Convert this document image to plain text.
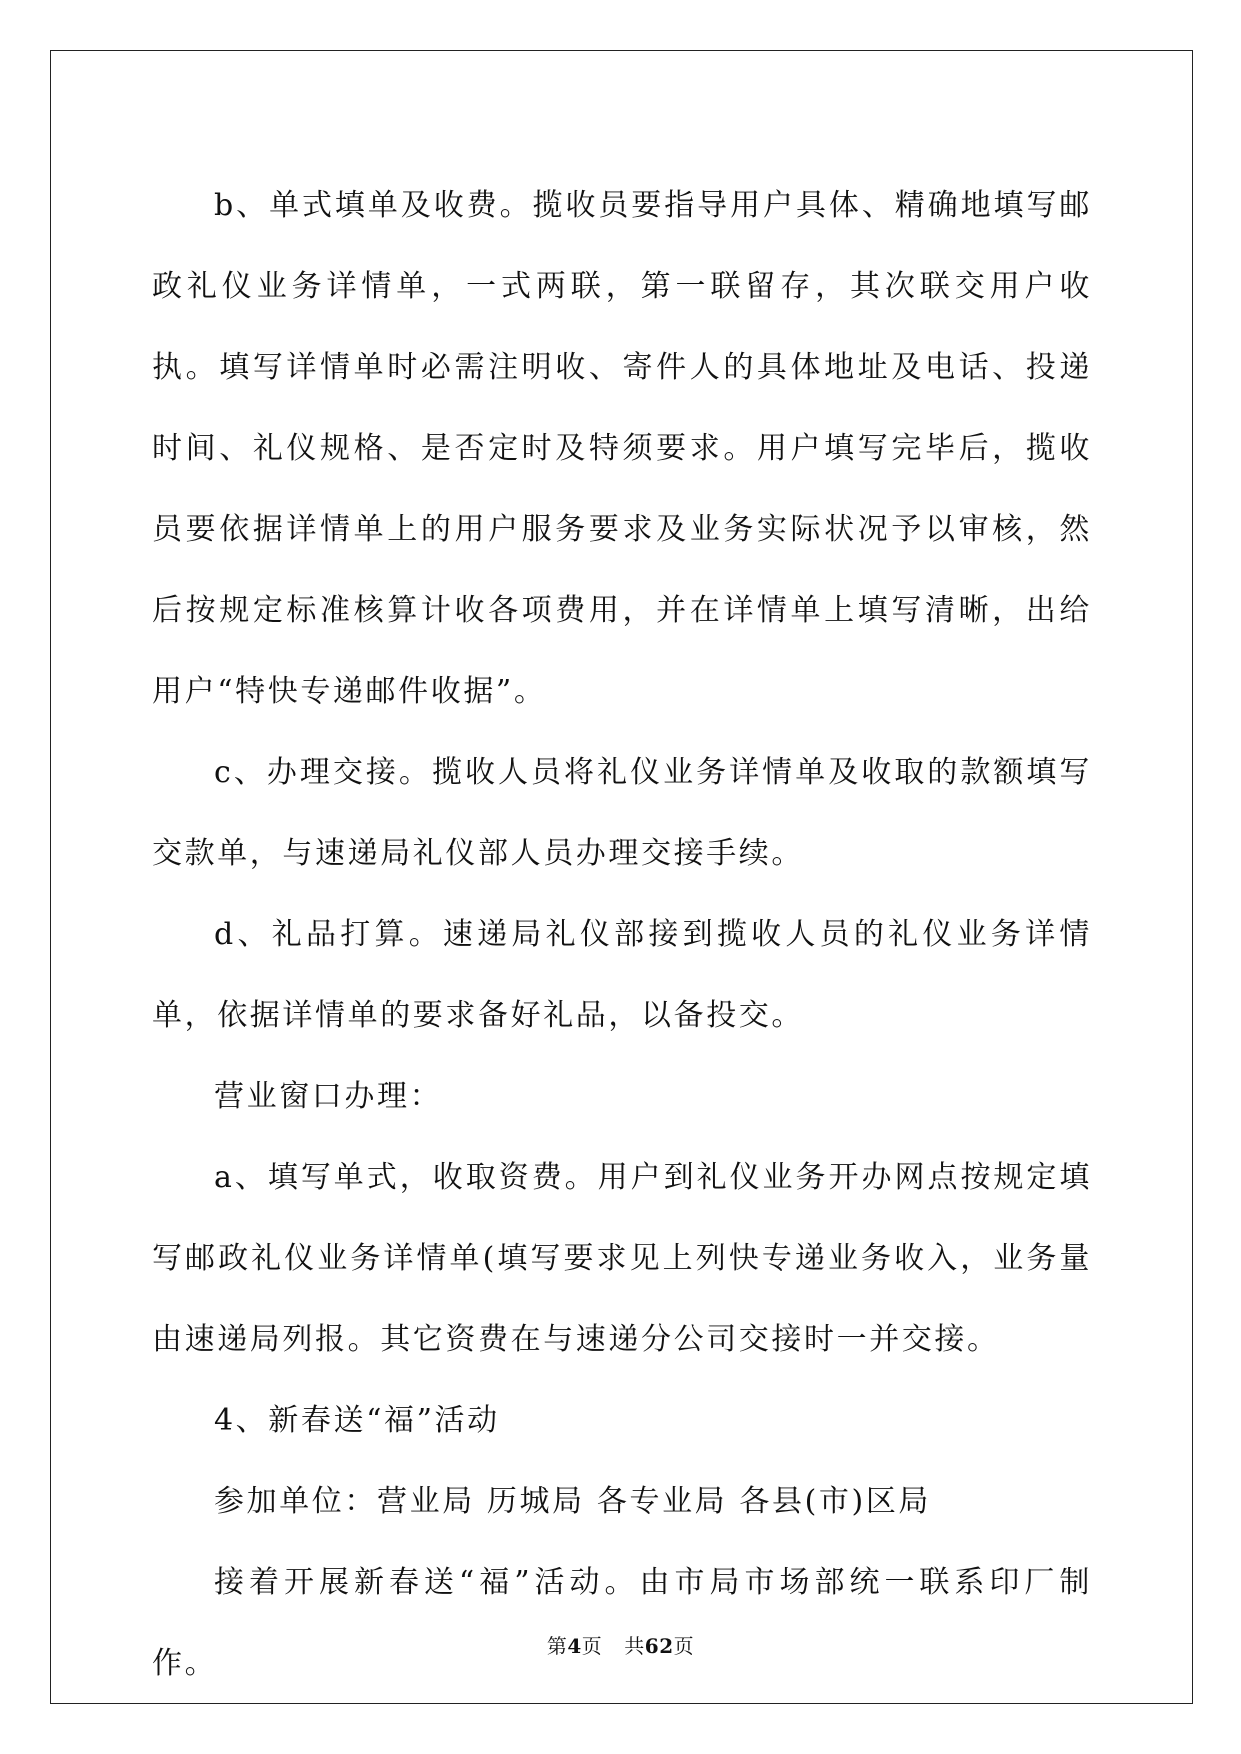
b、单式填单及收费。揽收员要指导用户具体、精确地填写邮政礼仪业务详情单，一式两联，第一联留存，其次联交用户收执。填写详情单时必需注明收、寄件人的具体地址及电话、投递时间、礼仪规格、是否定时及特须要求。用户填写完毕后，揽收员要依据详情单上的用户服务要求及业务实际状况予以审核，然后按规定标准核算计收各项费用，并在详情单上填写清晰，出给用户“特快专递邮件收据”。

c、办理交接。揽收人员将礼仪业务详情单及收取的款额填写交款单，与速递局礼仪部人员办理交接手续。

d、礼品打算。速递局礼仪部接到揽收人员的礼仪业务详情单，依据详情单的要求备好礼品，以备投交。

营业窗口办理：

a、填写单式，收取资费。用户到礼仪业务开办网点按规定填写邮政礼仪业务详情单(填写要求见上列快专递业务收入，业务量由速递局列报。其它资费在与速递分公司交接时一并交接。

4、新春送“福”活动

参加单位：营业局 历城局 各专业局 各县(市)区局

接着开展新春送“福”活动。由市局市场部统一联系印厂制作。	第4页 共62页
